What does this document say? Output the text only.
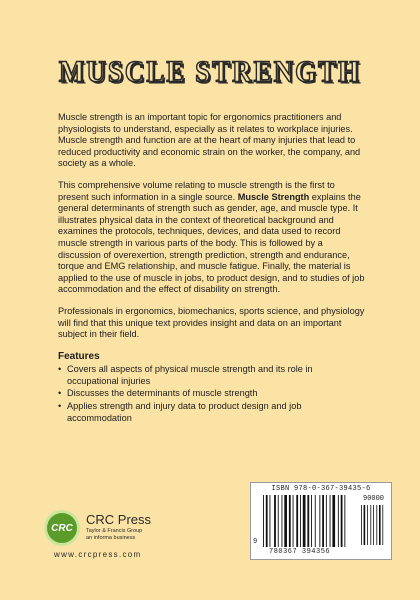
MUSCLE STRENGTH

Muscle strength is an important topic for ergonomics practitioners and physiologists to understand, especially as it relates to workplace injuries. Muscle strength and function are at the heart of many injuries that lead to reduced productivity and economic strain on the worker, the company, and society as a whole.

This comprehensive volume relating to muscle strength is the first to present such information in a single source. Muscle Strength explains the general determinants of strength such as gender, age, and muscle type. It illustrates physical data in the context of theoretical background and examines the protocols, techniques, devices, and data used to record muscle strength in various parts of the body. This is followed by a discussion of overexertion, strength prediction, strength and endurance, torque and EMG relationship, and muscle fatigue. Finally, the material is applied to the use of muscle in jobs, to product design, and to studies of job accommodation and the effect of disability on strength.

Professionals in ergonomics, biomechanics, sports science, and physiology will find that this unique text provides insight and data on an important subject in their field.

Features
• Covers all aspects of physical muscle strength and its role in occupational injuries
• Discusses the determinants of muscle strength
• Applies strength and injury data to product design and job accommodation
CRC
CRC Press
Taylor & Francis Group
an informa business
www.crcpress.com
ISBN 978-0-367-39435-6
90000
9
780367 394356
